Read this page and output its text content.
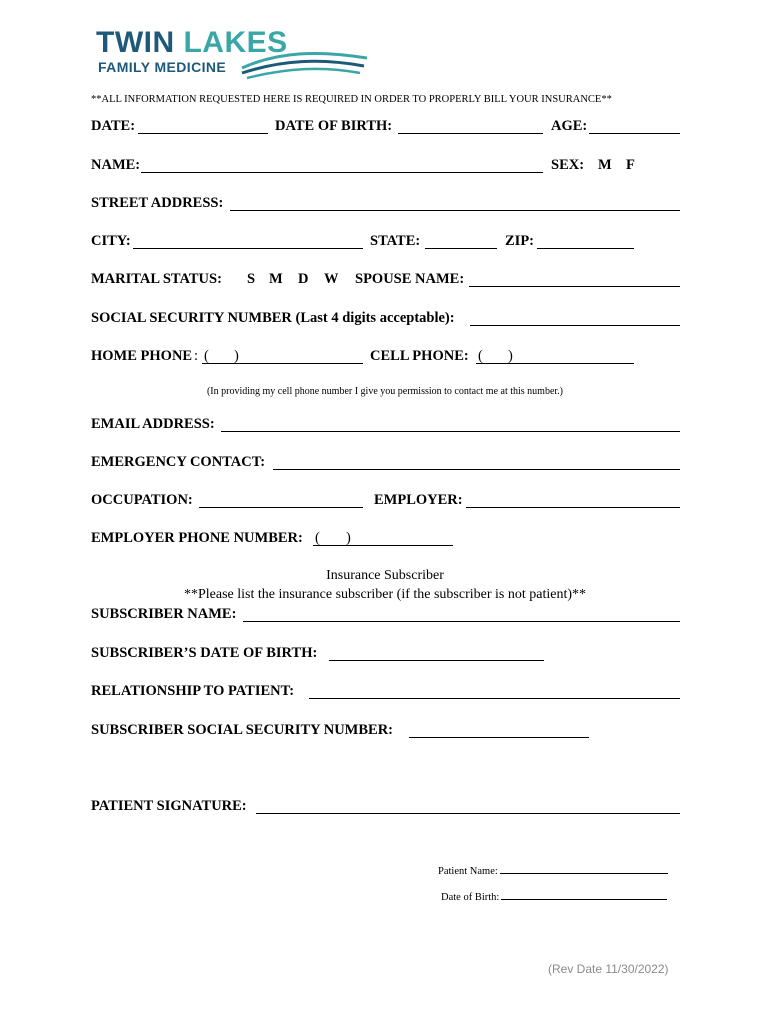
TWIN LAKES
FAMILY MEDICINE
**ALL INFORMATION REQUESTED HERE IS REQUIRED IN ORDER TO PROPERLY BILL YOUR INSURANCE**
DATE:	DATE OF BIRTH:	AGE:
NAME:	SEX: M F
STREET ADDRESS:
CITY:	STATE:	ZIP:
MARITAL STATUS: S M D W SPOUSE NAME:
SOCIAL SECURITY NUMBER (Last 4 digits acceptable):
HOME PHONE : ( )	CELL PHONE: ( )
(In providing my cell phone number I give you permission to contact me at this number.)
EMAIL ADDRESS:
EMERGENCY CONTACT:
OCCUPATION:	EMPLOYER:
EMPLOYER PHONE NUMBER: ( )
Insurance Subscriber
**Please list the insurance subscriber (if the subscriber is not patient)**
SUBSCRIBER NAME:
SUBSCRIBER’S DATE OF BIRTH:
RELATIONSHIP TO PATIENT:
SUBSCRIBER SOCIAL SECURITY NUMBER:
PATIENT SIGNATURE:
Patient Name:
Date of Birth:
(Rev Date 11/30/2022)
